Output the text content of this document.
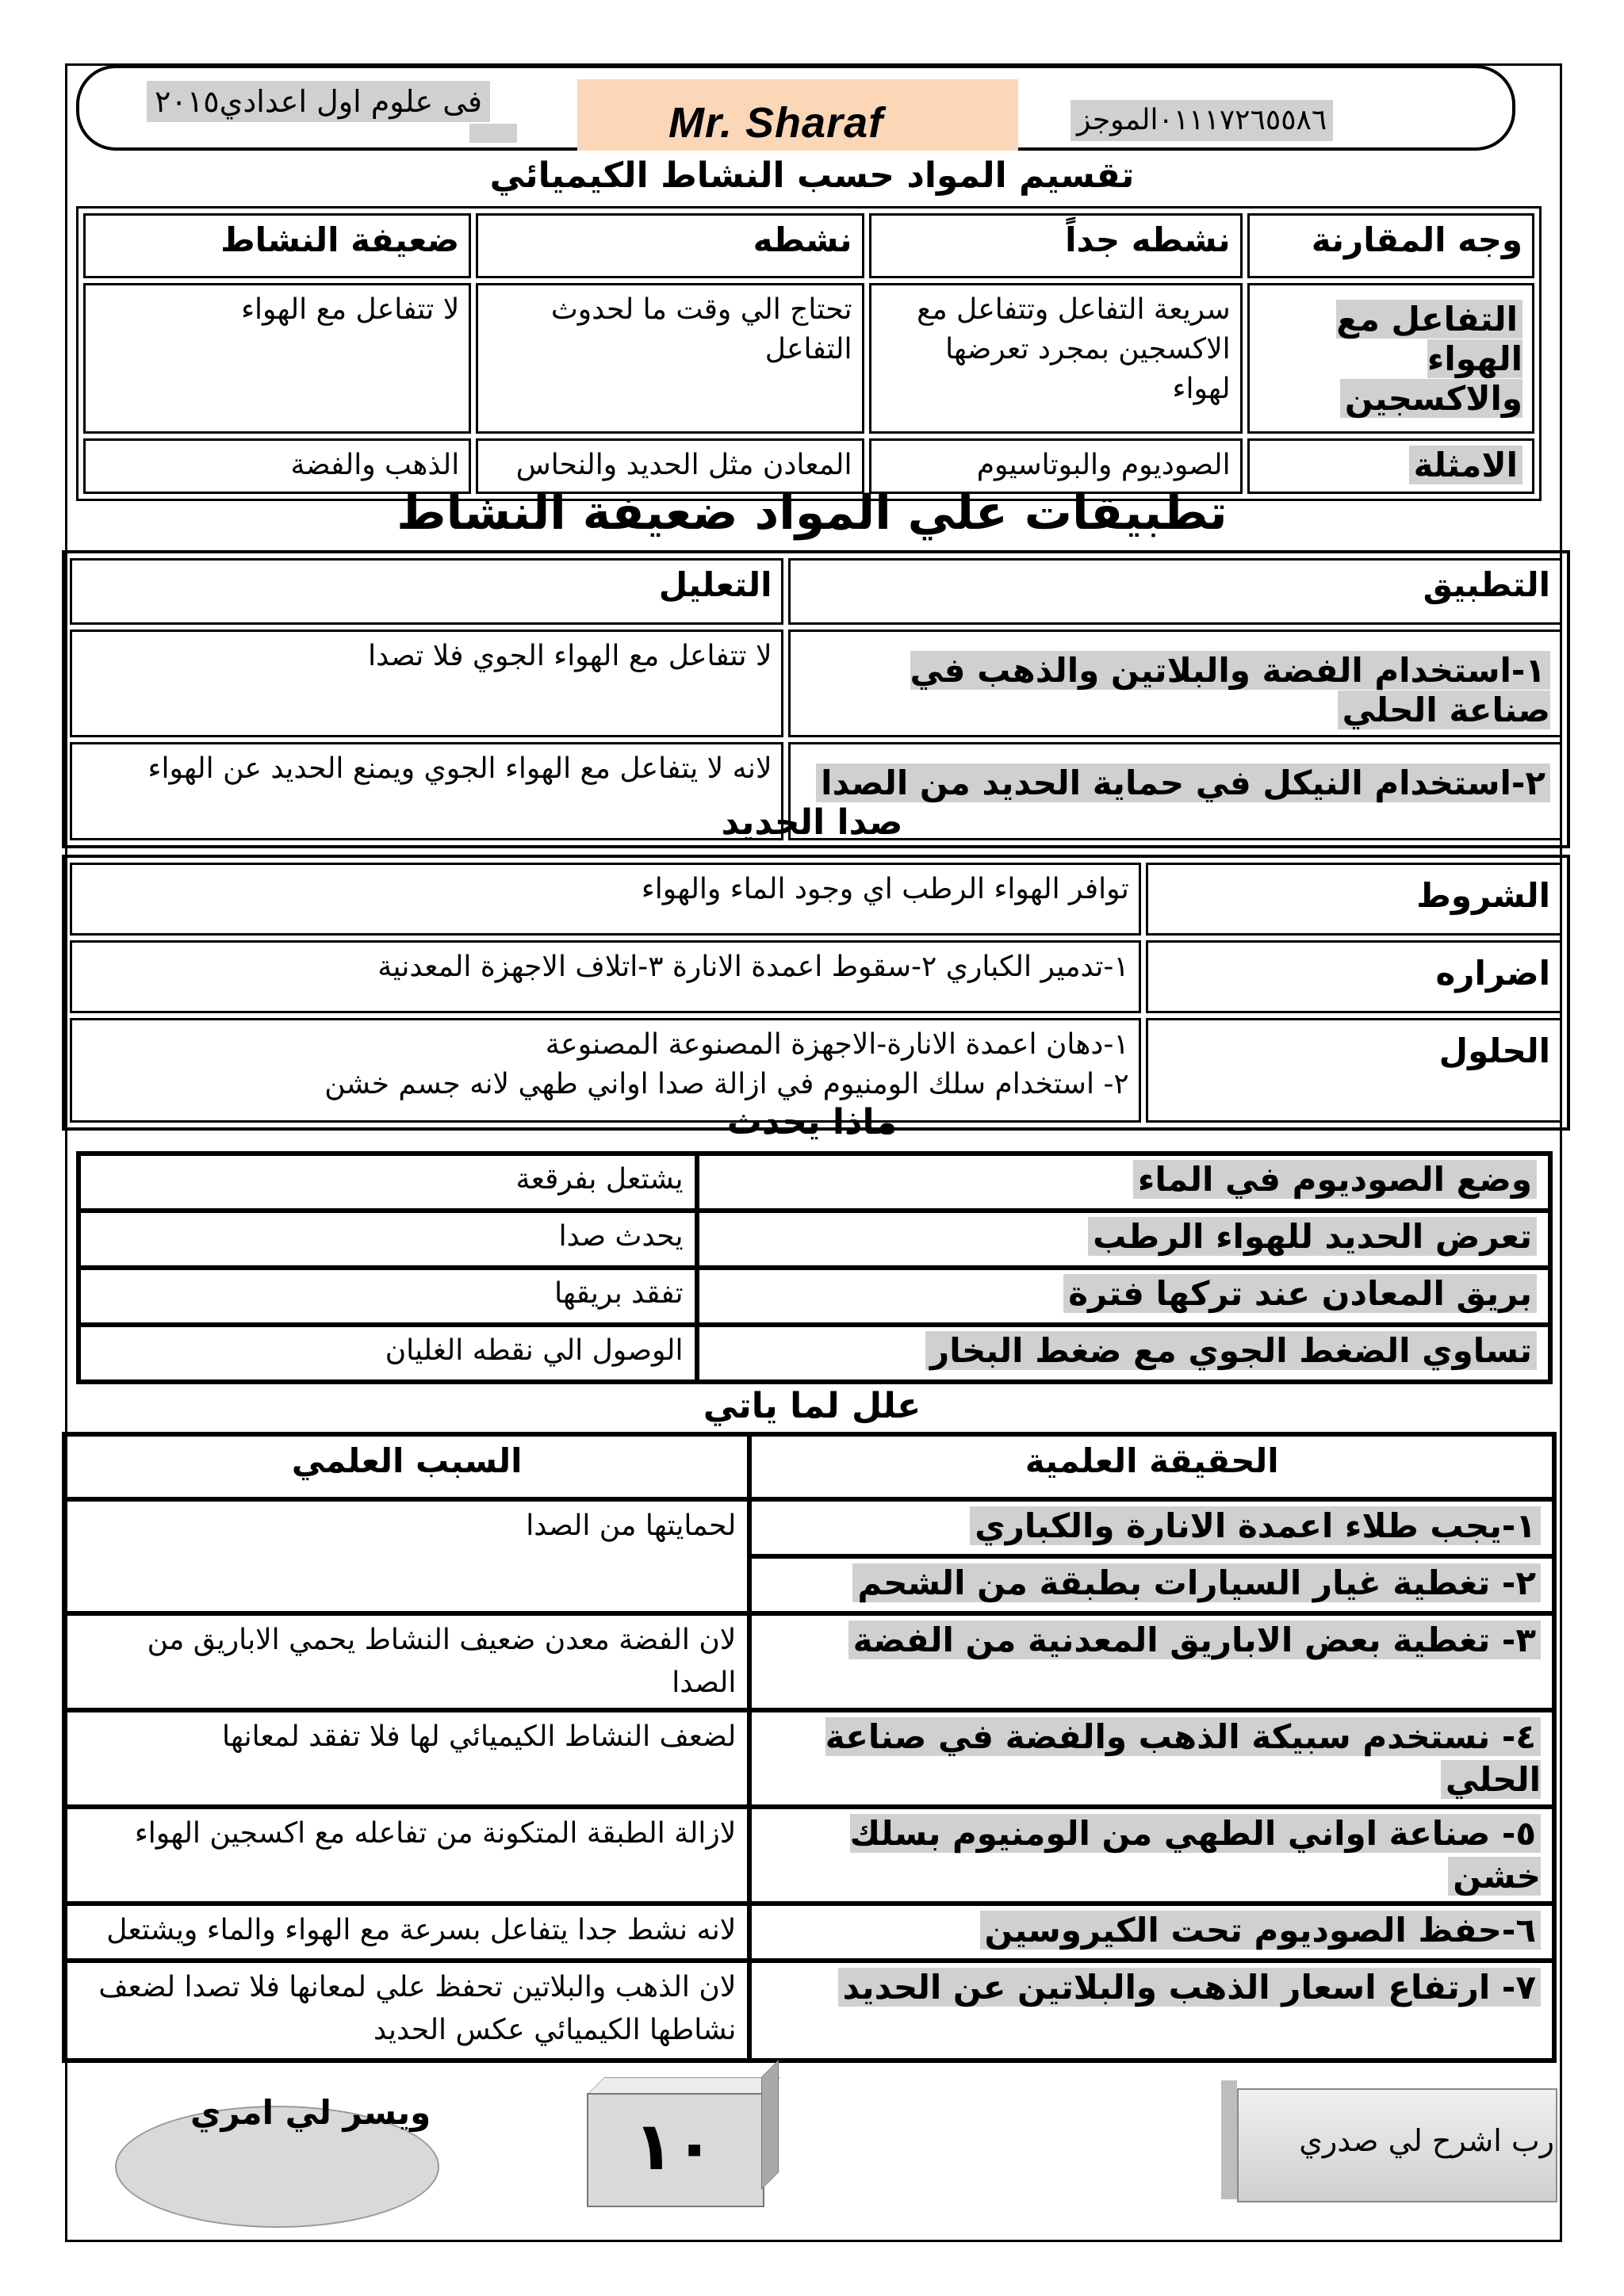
فى علوم اول اعدادي٢٠١٥	Mr. Sharaf	٠١١١٧٢٦٥٥٨٦الموجز
تقسيم المواد حسب النشاط الكيميائي
وجه المقارنة	نشطه جداً	نشطه	ضعيفة النشاط
التفاعل مع الهواء والاكسجين	سريعة التفاعل وتتفاعل مع الاكسجين بمجرد تعرضها لهواء	تحتاج الي وقت ما لحدوث التفاعل	لا تتفاعل مع الهواء
الامثلة	الصوديوم والبوتاسيوم	المعادن مثل الحديد والنحاس	الذهب والفضة
تطبيقات علي المواد ضعيفة النشاط
التطبيق	التعليل
١-استخدام الفضة والبلاتين والذهب في صناعة الحلي	لا تتفاعل مع الهواء الجوي فلا تصدا
٢-استخدام النيكل في حماية الحديد من الصدا	لانه لا يتفاعل مع الهواء الجوي ويمنع الحديد عن الهواء
صدا الحديد
الشروط	توافر الهواء الرطب اي وجود الماء والهواء
اضراره	١-تدمير الكباري ٢-سقوط اعمدة الانارة ٣-اتلاف الاجهزة المعدنية
الحلول	١-دهان اعمدة الانارة-الاجهزة المصنوعة المصنوعة
٢- استخدام سلك الومنيوم في ازالة صدا اواني طهي لانه جسم خشن
ماذا يحدث
وضع الصوديوم في الماء	يشتعل بفرقعة
تعرض الحديد للهواء الرطب	يحدث صدا
بريق المعادن عند تركها فترة	تفقد بريقها
تساوي الضغط الجوي مع ضغط البخار	الوصول الي نقطه الغليان
علل لما ياتي
الحقيقة العلمية	السبب العلمي
١-يجب طلاء اعمدة الانارة والكباري	لحمايتها من الصدا
٢- تغطية غيار السيارات بطبقة من الشحم	
٣- تغطية بعض الاباريق المعدنية من الفضة	لان الفضة معدن ضعيف النشاط يحمي الاباريق من الصدا
٤- نستخدم سبيكة الذهب والفضة في صناعة الحلي	لضعف النشاط الكيميائي لها فلا تفقد لمعانها
٥- صناعة اواني الطهي من الومنيوم بسلك خشن	لازالة الطبقة المتكونة من تفاعله مع اكسجين الهواء
٦-حفظ الصوديوم تحت الكيروسين	لانه نشط جدا يتفاعل بسرعة مع الهواء والماء ويشتعل
٧- ارتفاع اسعار الذهب والبلاتين عن الحديد	لان الذهب والبلاتين تحفظ علي لمعانها فلا تصدا لضعف نشاطها الكيميائي عكس الحديد
رب اشرح لي صدري
١٠
ويسر لي امري
